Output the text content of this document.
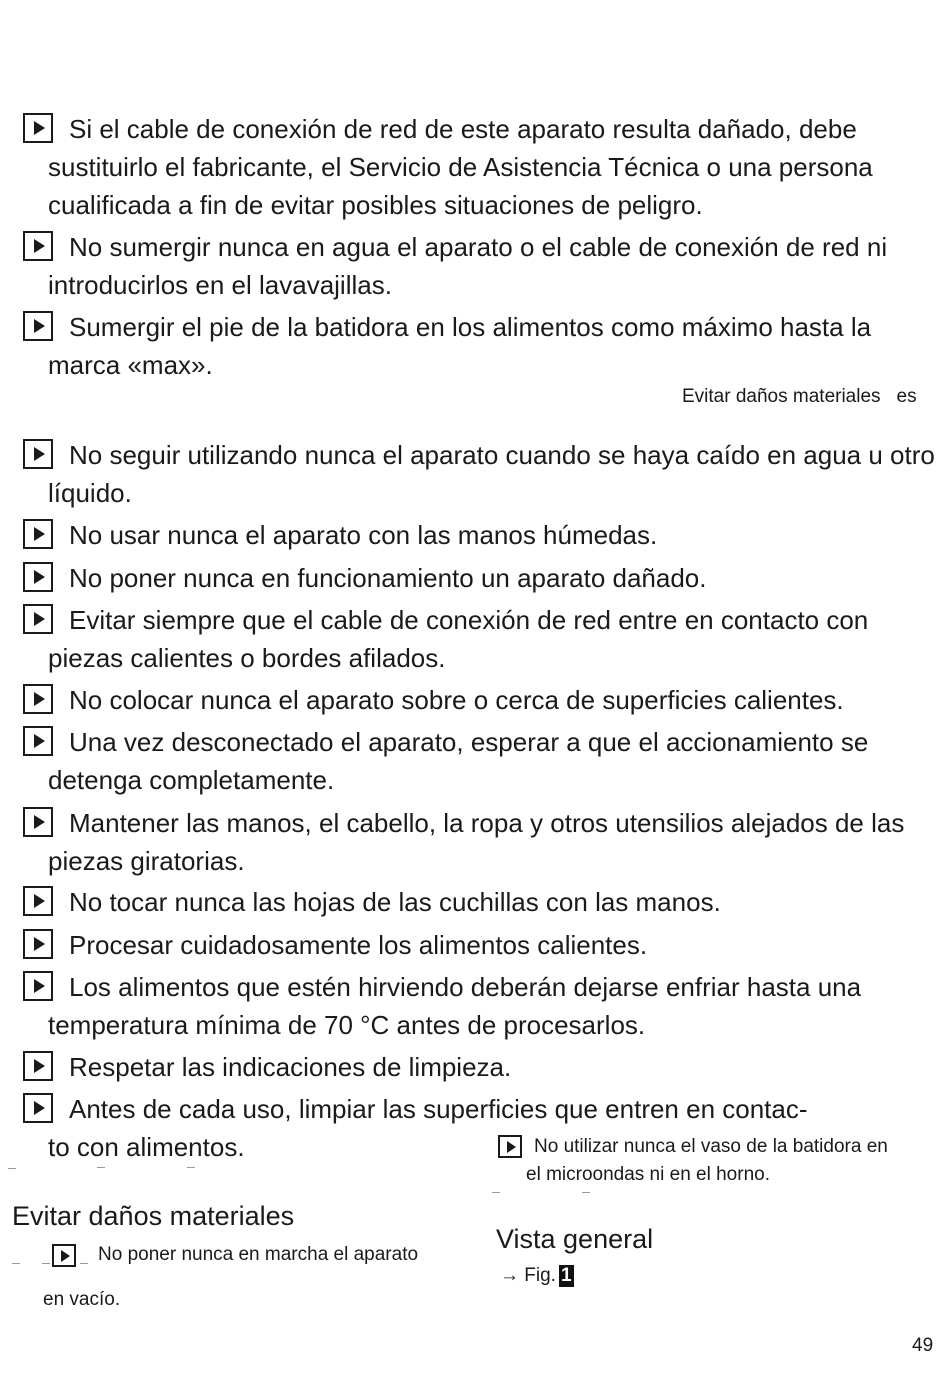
Si el cable de conexión de red de este aparato resulta dañado, debe sustituirlo el fabricante, el Servicio de Asistencia Técnica o una persona cualificada a fin de evitar posibles situaciones de peligro.

No sumergir nunca en agua el aparato o el cable de conexión de red ni introducirlos en el lavavajillas.

Sumergir el pie de la batidora en los alimentos como máximo hasta la marca «max».

Evitar daños materiales es

No seguir utilizando nunca el aparato cuando se haya caído en agua u otro líquido.

No usar nunca el aparato con las manos húmedas.

No poner nunca en funcionamiento un aparato dañado.

Evitar siempre que el cable de conexión de red entre en contacto con piezas calientes o bordes afilados.

No colocar nunca el aparato sobre o cerca de superficies calientes.

Una vez desconectado el aparato, esperar a que el accionamiento se detenga completamente.

Mantener las manos, el cabello, la ropa y otros utensilios alejados de las piezas giratorias.

No tocar nunca las hojas de las cuchillas con las manos.

Procesar cuidadosamente los alimentos calientes.

Los alimentos que estén hirviendo deberán dejarse enfriar hasta una temperatura mínima de 70 °C antes de procesarlos.

Respetar las indicaciones de limpieza.

Antes de cada uso, limpiar las superficies que entren en contac-
to con alimentos.	No utilizar nunca el vaso de la batidora en
el microondas ni en el horno.

Evitar daños materiales

No poner nunca en marcha el aparato

en vacío.

Vista general

→ Fig. 1

49
